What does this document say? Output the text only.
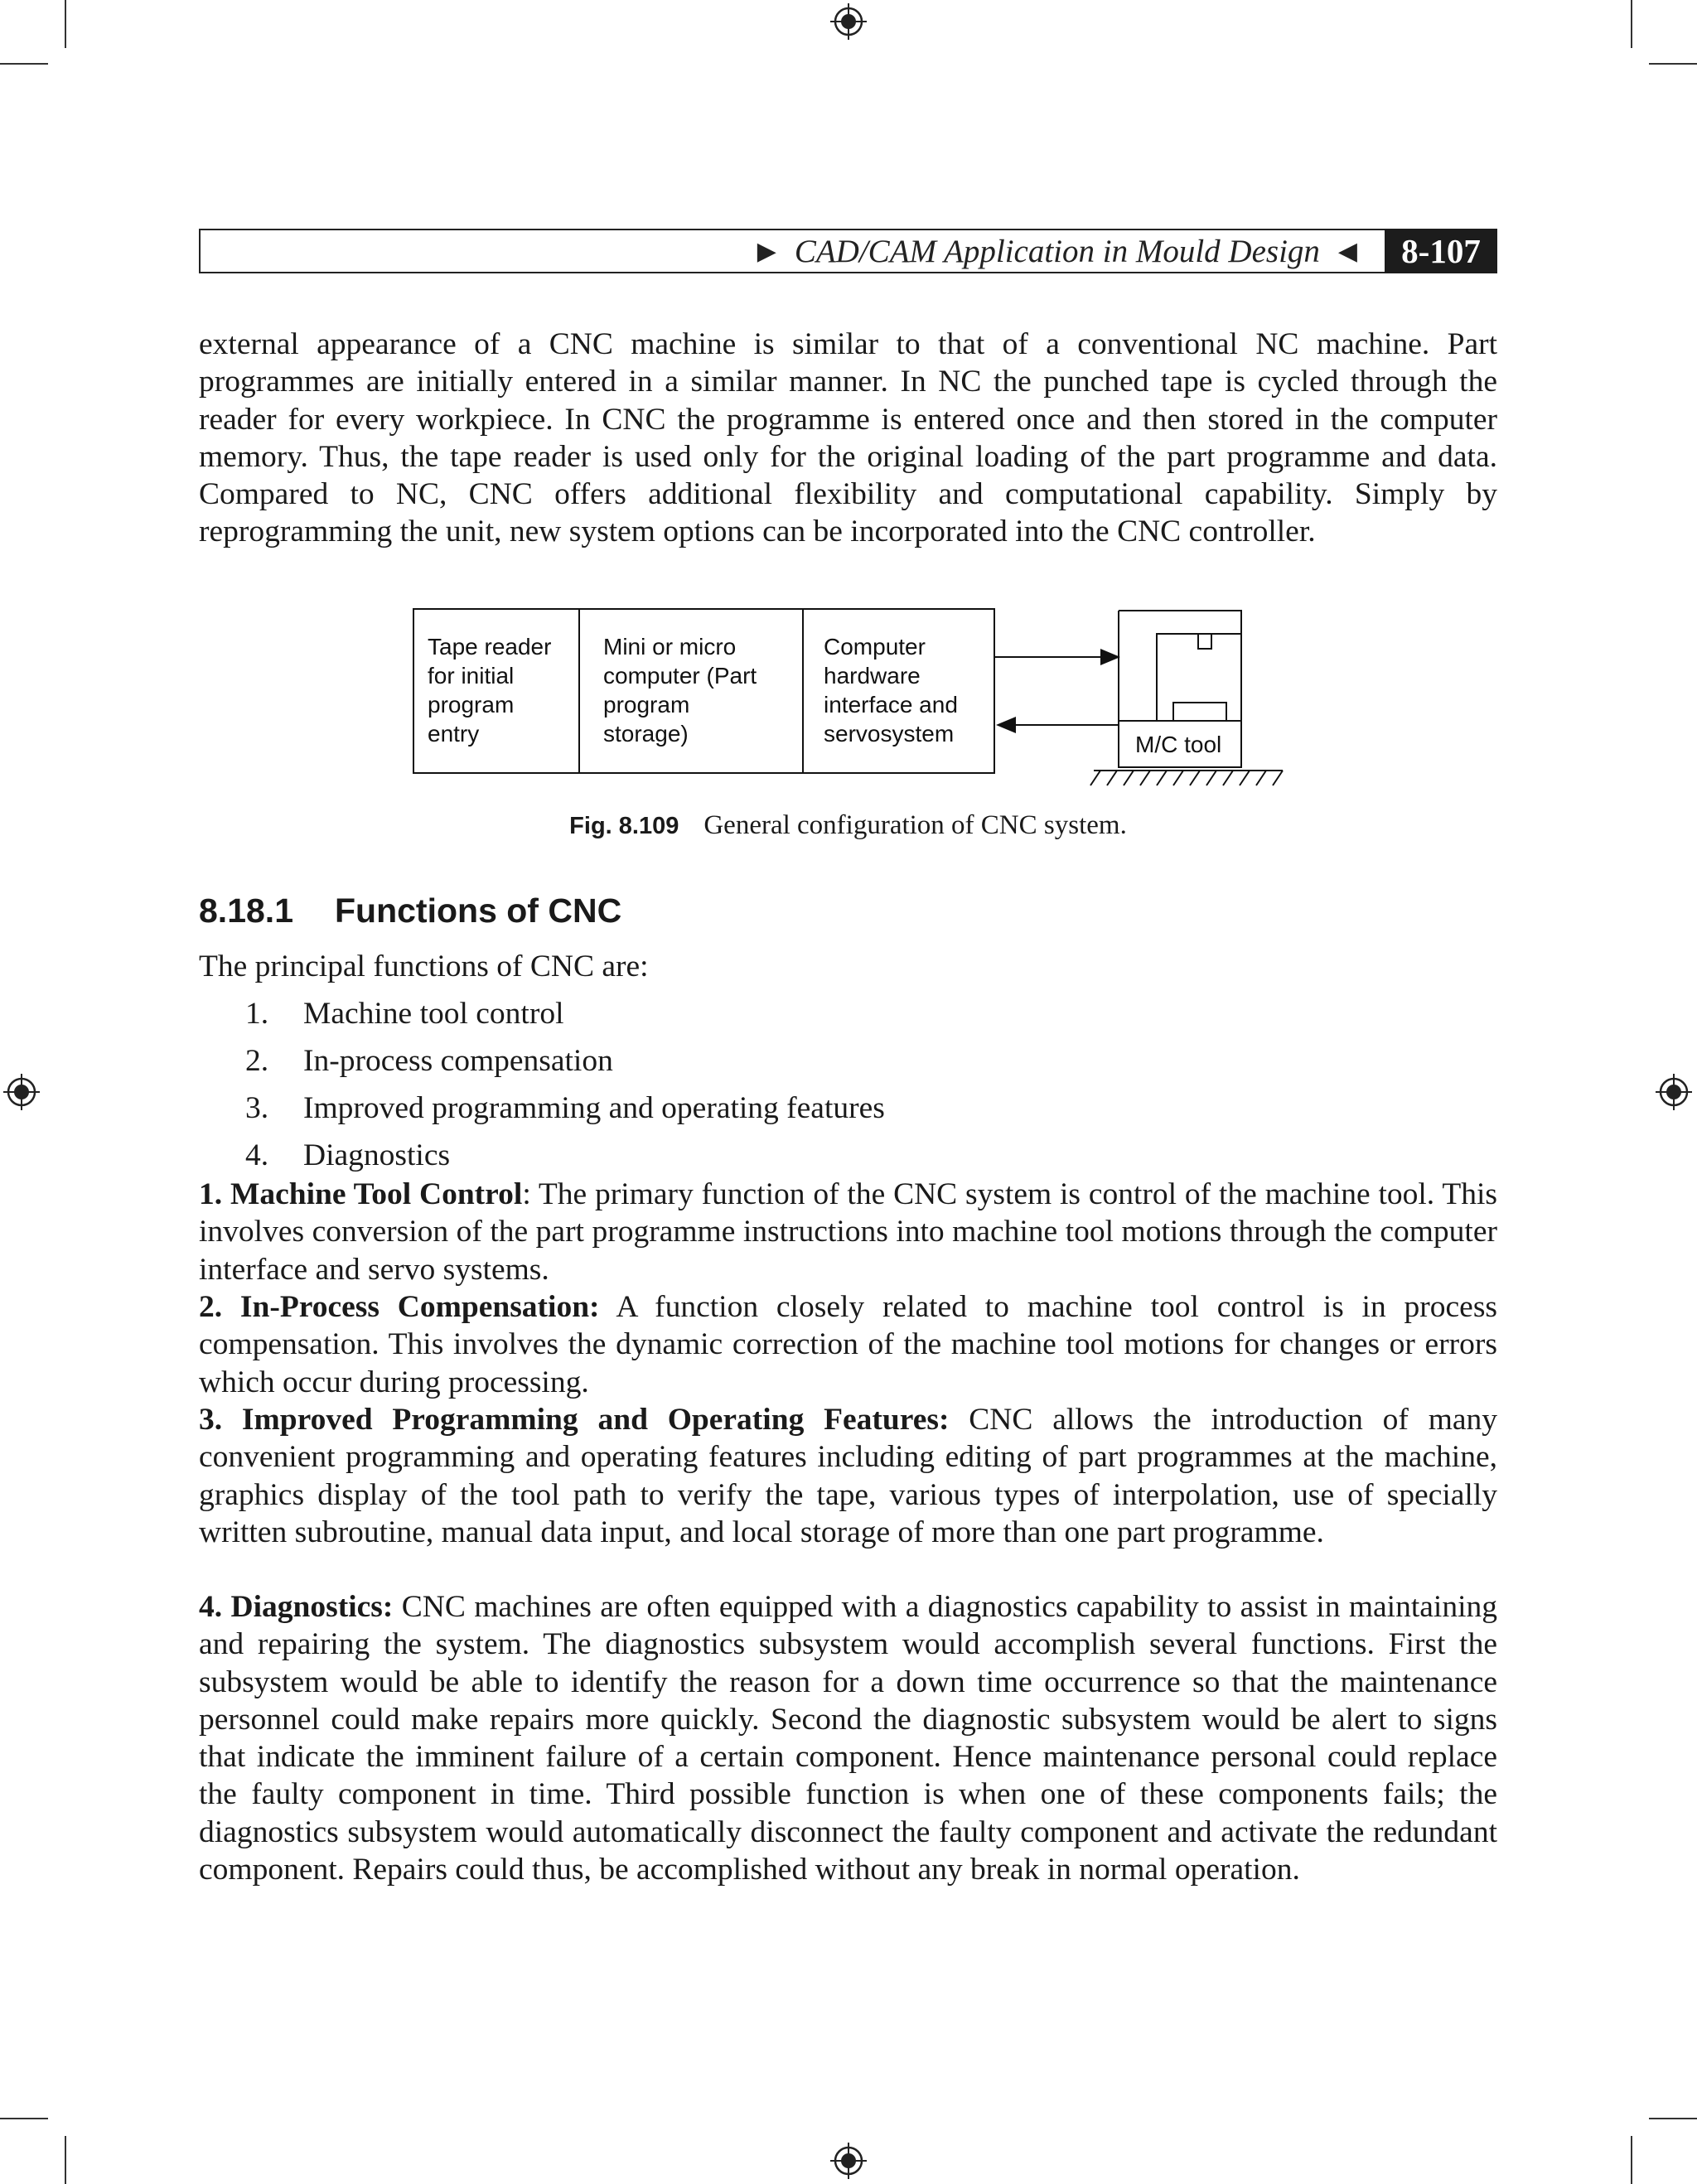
▶ CAD/CAM Application in Mould Design ◀	8-107
external appearance of a CNC machine is similar to that of a conventional NC machine. Part programmes are initially entered in a similar manner. In NC the punched tape is cycled through the reader for every workpiece. In CNC the programme is entered once and then stored in the computer memory. Thus, the tape reader is used only for the original loading of the part programme and data. Compared to NC, CNC offers additional flexibility and computational capability. Simply by reprogramming the unit, new system options can be incorporated into the CNC controller.
Tape reader
for initial
program
entry
Mini or micro
computer (Part
program
storage)
Computer
hardware
interface and
servosystem	M/C tool
Fig. 8.109 General configuration of CNC system.
8.18.1 Functions of CNC
The principal functions of CNC are:
1. Machine tool control
2. In-process compensation
3. Improved programming and operating features
4. Diagnostics
1. Machine Tool Control: The primary function of the CNC system is control of the machine tool. This involves conversion of the part programme instructions into machine tool motions through the computer interface and servo systems.
2. In-Process Compensation: A function closely related to machine tool control is in process compensation. This involves the dynamic correction of the machine tool motions for changes or errors which occur during processing.
3. Improved Programming and Operating Features: CNC allows the introduction of many convenient programming and operating features including editing of part programmes at the machine, graphics display of the tool path to verify the tape, various types of interpolation, use of specially written subroutine, manual data input, and local storage of more than one part programme.
4. Diagnostics: CNC machines are often equipped with a diagnostics capability to assist in maintaining and repairing the system. The diagnostics subsystem would accomplish several functions. First the subsystem would be able to identify the reason for a down time occurrence so that the maintenance personnel could make repairs more quickly. Second the diagnostic subsystem would be alert to signs that indicate the imminent failure of a certain component. Hence maintenance personal could replace the faulty component in time. Third possible function is when one of these components fails; the diagnostics subsystem would automatically disconnect the faulty component and activate the redundant component. Repairs could thus, be accomplished without any break in normal operation.
